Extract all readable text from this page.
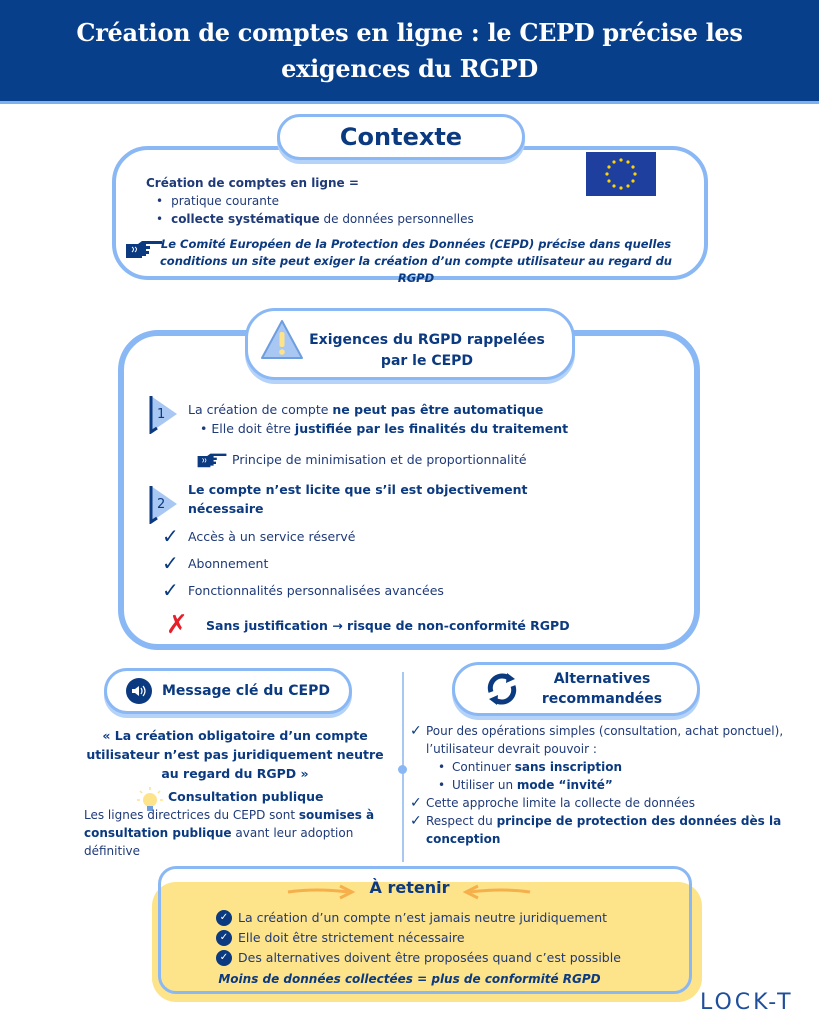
Création de comptes en ligne : le CEPD précise les exigences du RGPD
Contexte
Création de comptes en ligne =
• pratique courante
• collecte systématique de données personnelles
Le Comité Européen de la Protection des Données (CEPD) précise dans quelles conditions un site peut exiger la création d’un compte utilisateur au regard du RGPD
Exigences du RGPD rappelées par le CEPD
1 La création de compte ne peut pas être automatique
• Elle doit être justifiée par les finalités du traitement
Principe de minimisation et de proportionnalité
2
Le compte n’est licite que s’il est objectivement
nécessaire
✓ Accès à un service réservé
✓ Abonnement
✓ Fonctionnalités personnalisées avancées
✗ Sans justification → risque de non-conformité RGPD
Message clé du CEPD
« La création obligatoire d’un compte utilisateur n’est pas juridiquement neutre au regard du RGPD »
Consultation publique
Les lignes directrices du CEPD sont soumises à consultation publique avant leur adoption définitive
Alternatives recommandées
✓ Pour des opérations simples (consultation, achat ponctuel), l’utilisateur devrait pouvoir :
• Continuer sans inscription
• Utiliser un mode “invité”
✓ Cette approche limite la collecte de données
✓ Respect du principe de protection des données dès la conception
À retenir
✓ La création d’un compte n’est jamais neutre juridiquement
✓ Elle doit être strictement nécessaire
✓ Des alternatives doivent être proposées quand c’est possible
Moins de données collectées = plus de conformité RGPD
LOCK-T
